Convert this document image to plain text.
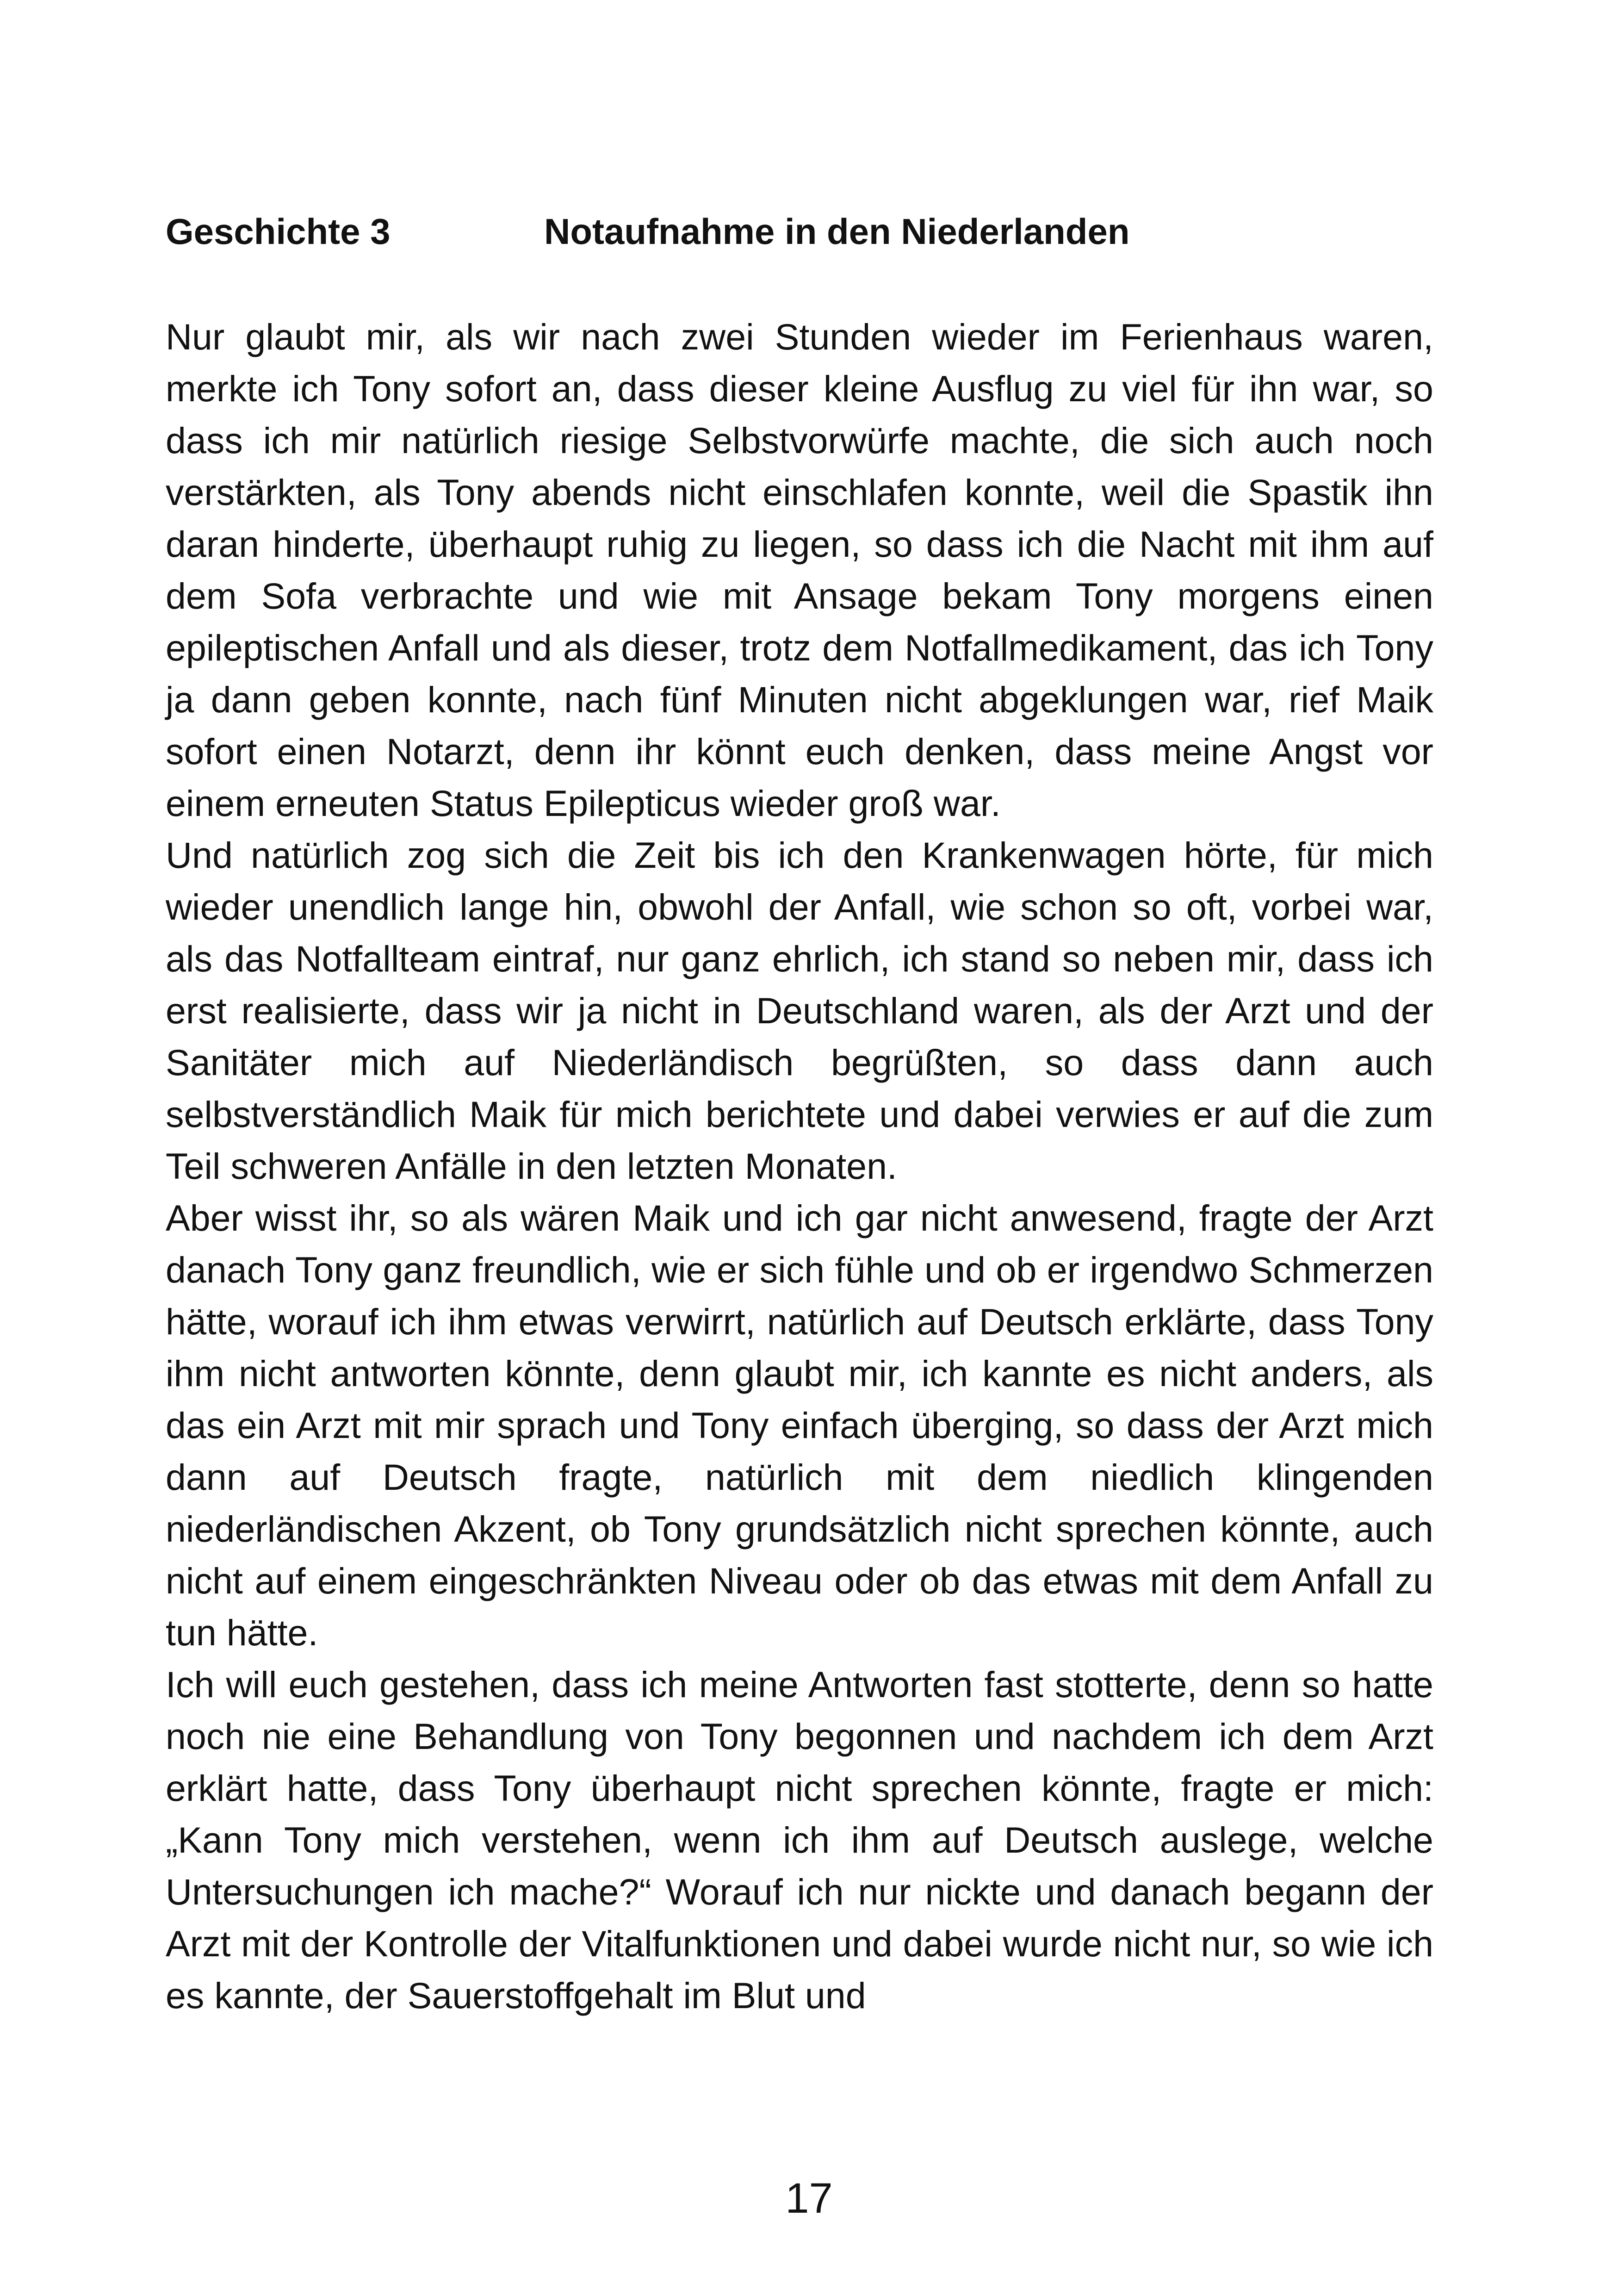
Geschichte 3	Notaufnahme in den Niederlanden

Nur glaubt mir, als wir nach zwei Stunden wieder im Ferienhaus waren, merkte ich Tony sofort an, dass dieser kleine Ausflug zu viel für ihn war, so dass ich mir natürlich riesige Selbstvorwürfe machte, die sich auch noch verstärkten, als Tony abends nicht einschlafen konnte, weil die Spastik ihn daran hinderte, überhaupt ruhig zu liegen, so dass ich die Nacht mit ihm auf dem Sofa verbrachte und wie mit Ansage bekam Tony morgens einen epileptischen Anfall und als dieser, trotz dem Notfallmedikament, das ich Tony ja dann geben konnte, nach fünf Minuten nicht abgeklungen war, rief Maik sofort einen Notarzt, denn ihr könnt euch denken, dass meine Angst vor einem erneuten Status Epilepticus wieder groß war.

Und natürlich zog sich die Zeit bis ich den Krankenwagen hörte, für mich wieder unendlich lange hin, obwohl der Anfall, wie schon so oft, vorbei war, als das Notfallteam eintraf, nur ganz ehrlich, ich stand so neben mir, dass ich erst realisierte, dass wir ja nicht in Deutschland waren, als der Arzt und der Sanitäter mich auf Niederländisch begrüßten, so dass dann auch selbstverständlich Maik für mich berichtete und dabei verwies er auf die zum Teil schweren Anfälle in den letzten Monaten.

Aber wisst ihr, so als wären Maik und ich gar nicht anwesend, fragte der Arzt danach Tony ganz freundlich, wie er sich fühle und ob er irgendwo Schmerzen hätte, worauf ich ihm etwas verwirrt, natürlich auf Deutsch erklärte, dass Tony ihm nicht antworten könnte, denn glaubt mir, ich kannte es nicht anders, als das ein Arzt mit mir sprach und Tony einfach überging, so dass der Arzt mich dann auf Deutsch fragte, natürlich mit dem niedlich klingenden niederländischen Akzent, ob Tony grundsätzlich nicht sprechen könnte, auch nicht auf einem eingeschränkten Niveau oder ob das etwas mit dem Anfall zu tun hätte.

Ich will euch gestehen, dass ich meine Antworten fast stotterte, denn so hatte noch nie eine Behandlung von Tony begonnen und nachdem ich dem Arzt erklärt hatte, dass Tony überhaupt nicht sprechen könnte, fragte er mich: „Kann Tony mich verstehen, wenn ich ihm auf Deutsch auslege, welche Untersuchungen ich mache?“ Worauf ich nur nickte und danach begann der Arzt mit der Kontrolle der Vitalfunktionen und dabei wurde nicht nur, so wie ich es kannte, der Sauerstoffgehalt im Blut und

17
